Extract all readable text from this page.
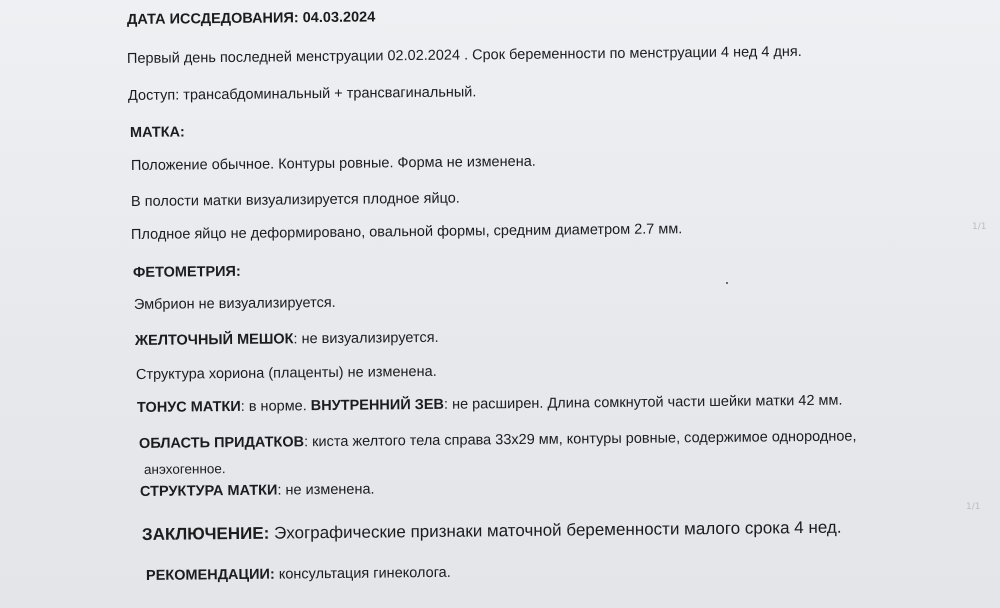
ДАТА ИССДЕДОВАНИЯ: 04.03.2024
Первый день последней менструации 02.02.2024 . Срок беременности по менструации 4 нед 4 дня.
Доступ: трансабдоминальный + трансвагинальный.
МАТКА:
Положение обычное. Контуры ровные. Форма не изменена.
В полости матки визуализируется плодное яйцо.
Плодное яйцо не деформировано, овальной формы, средним диаметром 2.7 мм.
ФЕТОМЕТРИЯ:
Эмбрион не визуализируется.
ЖЕЛТОЧНЫЙ МЕШОК: не визуализируется.
Структура хориона (плаценты) не изменена.
ТОНУС МАТКИ: в норме. ВНУТРЕННИЙ ЗЕВ: не расширен. Длина сомкнутой части шейки матки 42 мм.
ОБЛАСТЬ ПРИДАТКОВ: киста желтого тела справа 33х29 мм, контуры ровные, содержимое однородное,
анэхогенное.
СТРУКТУРА МАТКИ: не изменена.
ЗАКЛЮЧЕНИЕ: Эхографические признаки маточной беременности малого срока 4 нед.
РЕКОМЕНДАЦИИ: консультация гинеколога.
1/1
1/1
